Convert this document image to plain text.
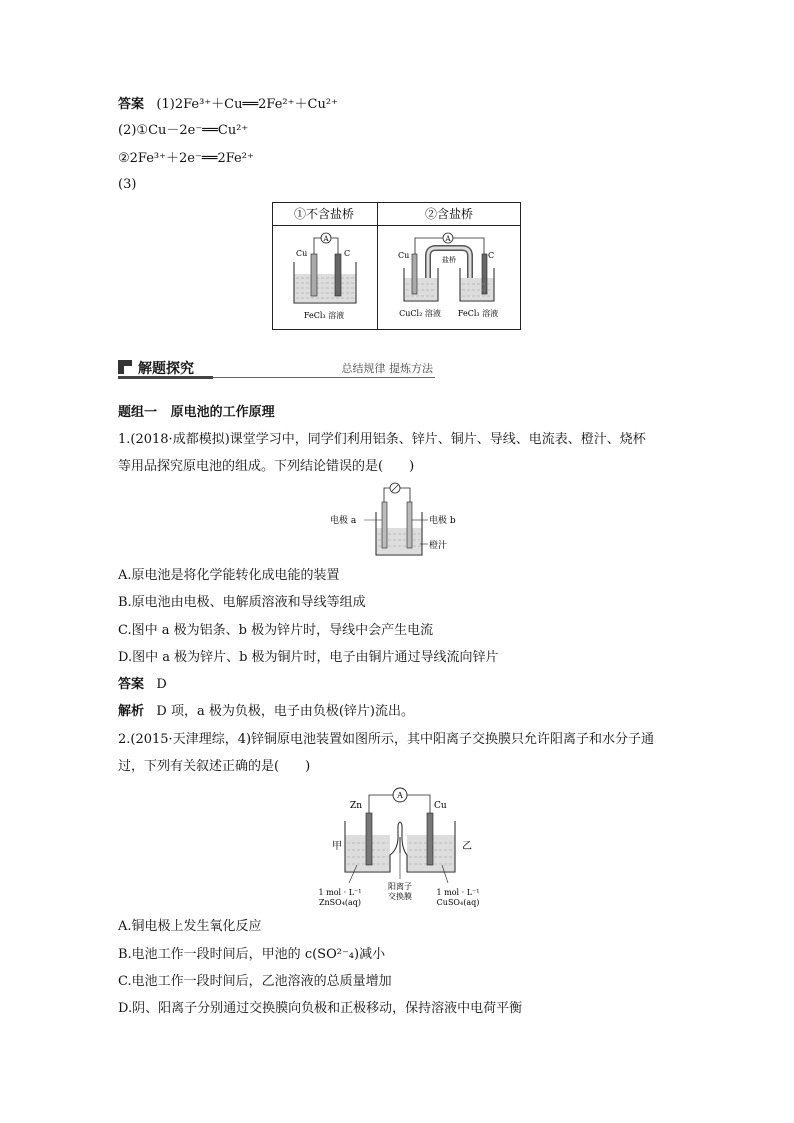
答案 (1)2Fe³⁺＋Cu══2Fe²⁺＋Cu²⁺
(2)①Cu－2e⁻══Cu²⁺
②2Fe³⁺＋2e⁻══2Fe²⁺
(3)
①不含盐桥	②含盐桥
A
Cu	C
FeCl₃ 溶液
A
盐桥
Cu	C
CuCl₂ 溶液 FeCl₃ 溶液
解题探究	总结规律 提炼方法
题组一 原电池的工作原理
1.(2018·成都模拟)课堂学习中，同学们利用铝条、锌片、铜片、导线、电流表、橙汁、烧杯
等用品探究原电池的组成。下列结论错误的是(　　)
电极 a	电极 b
橙汁
A.原电池是将化学能转化成电能的装置
B.原电池由电极、电解质溶液和导线等组成
C.图中 a 极为铝条、b 极为锌片时，导线中会产生电流
D.图中 a 极为锌片、b 极为铜片时，电子由铜片通过导线流向锌片
答案 D
解析 D 项，a 极为负极，电子由负极(锌片)流出。
2.(2015·天津理综，4)锌铜原电池装置如图所示，其中阳离子交换膜只允许阳离子和水分子通
过，下列有关叙述正确的是(　　)
A
Zn	Cu
甲	乙
1 mol · L⁻¹
ZnSO₄(aq)
阳离子
交换膜	1 mol · L⁻¹
CuSO₄(aq)
A.铜电极上发生氧化反应
B.电池工作一段时间后，甲池的 c(SO²⁻₄)减小
C.电池工作一段时间后，乙池溶液的总质量增加
D.阴、阳离子分别通过交换膜向负极和正极移动，保持溶液中电荷平衡
